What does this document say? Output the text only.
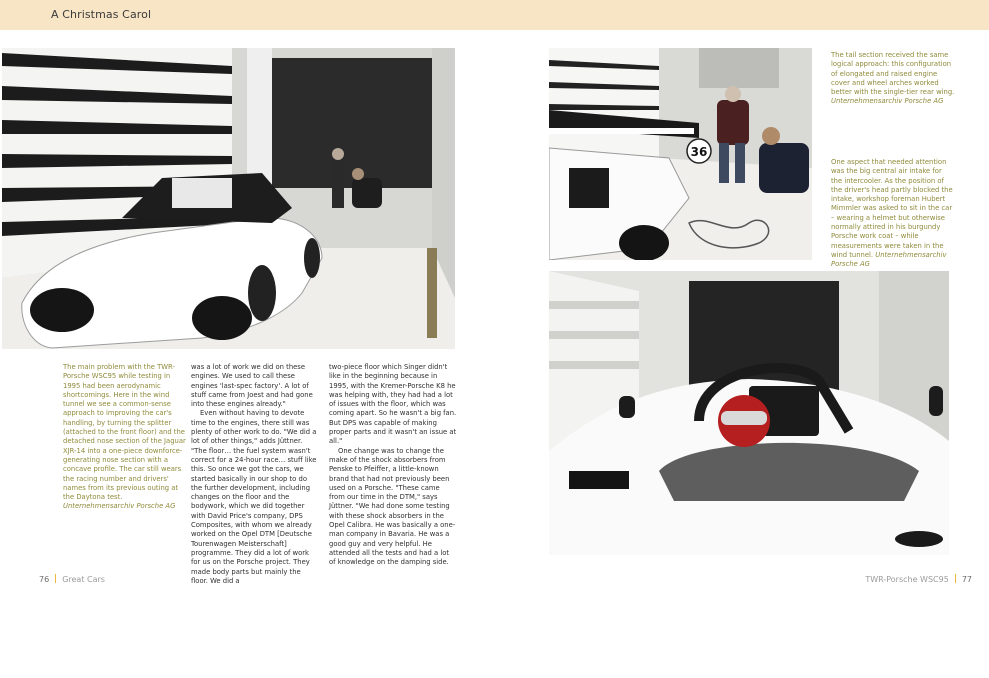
A Christmas Carol
36
The main problem with the TWR-Porsche WSC95 while testing in 1995 had been aerodynamic shortcomings. Here in the wind tunnel we see a common-sense approach to improving the car's handling, by turning the splitter (attached to the front floor) and the detached nose section of the Jaguar XJR-14 into a one-piece downforce-generating nose section with a concave profile. The car still wears the racing number and drivers' names from its previous outing at the Daytona test. Unternehmensarchiv Porsche AG
The tail section received the same logical approach: this configuration of elongated and raised engine cover and wheel arches worked better with the single-tier rear wing. Unternehmensarchiv Porsche AG
One aspect that needed attention was the big central air intake for the intercooler. As the position of the driver's head partly blocked the intake, workshop foreman Hubert Mimmler was asked to sit in the car – wearing a helmet but otherwise normally attired in his burgundy Porsche work coat – while measurements were taken in the wind tunnel. Unternehmensarchiv Porsche AG

was a lot of work we did on these engines. We used to call these engines 'last-spec factory'. A lot of stuff came from Joest and had gone into these engines already."

Even without having to devote time to the engines, there still was plenty of other work to do. "We did a lot of other things," adds Jüttner. "The floor… the fuel system wasn't correct for a 24-hour race… stuff like this. So once we got the cars, we started basically in our shop to do the further development, including changes on the floor and the bodywork, which we did together with David Price's company, DPS Composites, with whom we already worked on the Opel DTM [Deutsche Tourenwagen Meisterschaft] programme. They did a lot of work for us on the Porsche project. They made body parts but mainly the floor. We did a

two-piece floor which Singer didn't like in the beginning because in 1995, with the Kremer-Porsche K8 he was helping with, they had had a lot of issues with the floor, which was coming apart. So he wasn't a big fan. But DPS was capable of making proper parts and it wasn't an issue at all."

One change was to change the make of the shock absorbers from Penske to Pfeiffer, a little-known brand that had not previously been used on a Porsche. "These came from our time in the DTM," says Jüttner. "We had done some testing with these shock absorbers in the Opel Calibra. He was basically a one-man company in Bavaria. He was a good guy and very helpful. He attended all the tests and had a lot of knowledge on the damping side.

76 Great Cars	TWR-Porsche WSC95 77
